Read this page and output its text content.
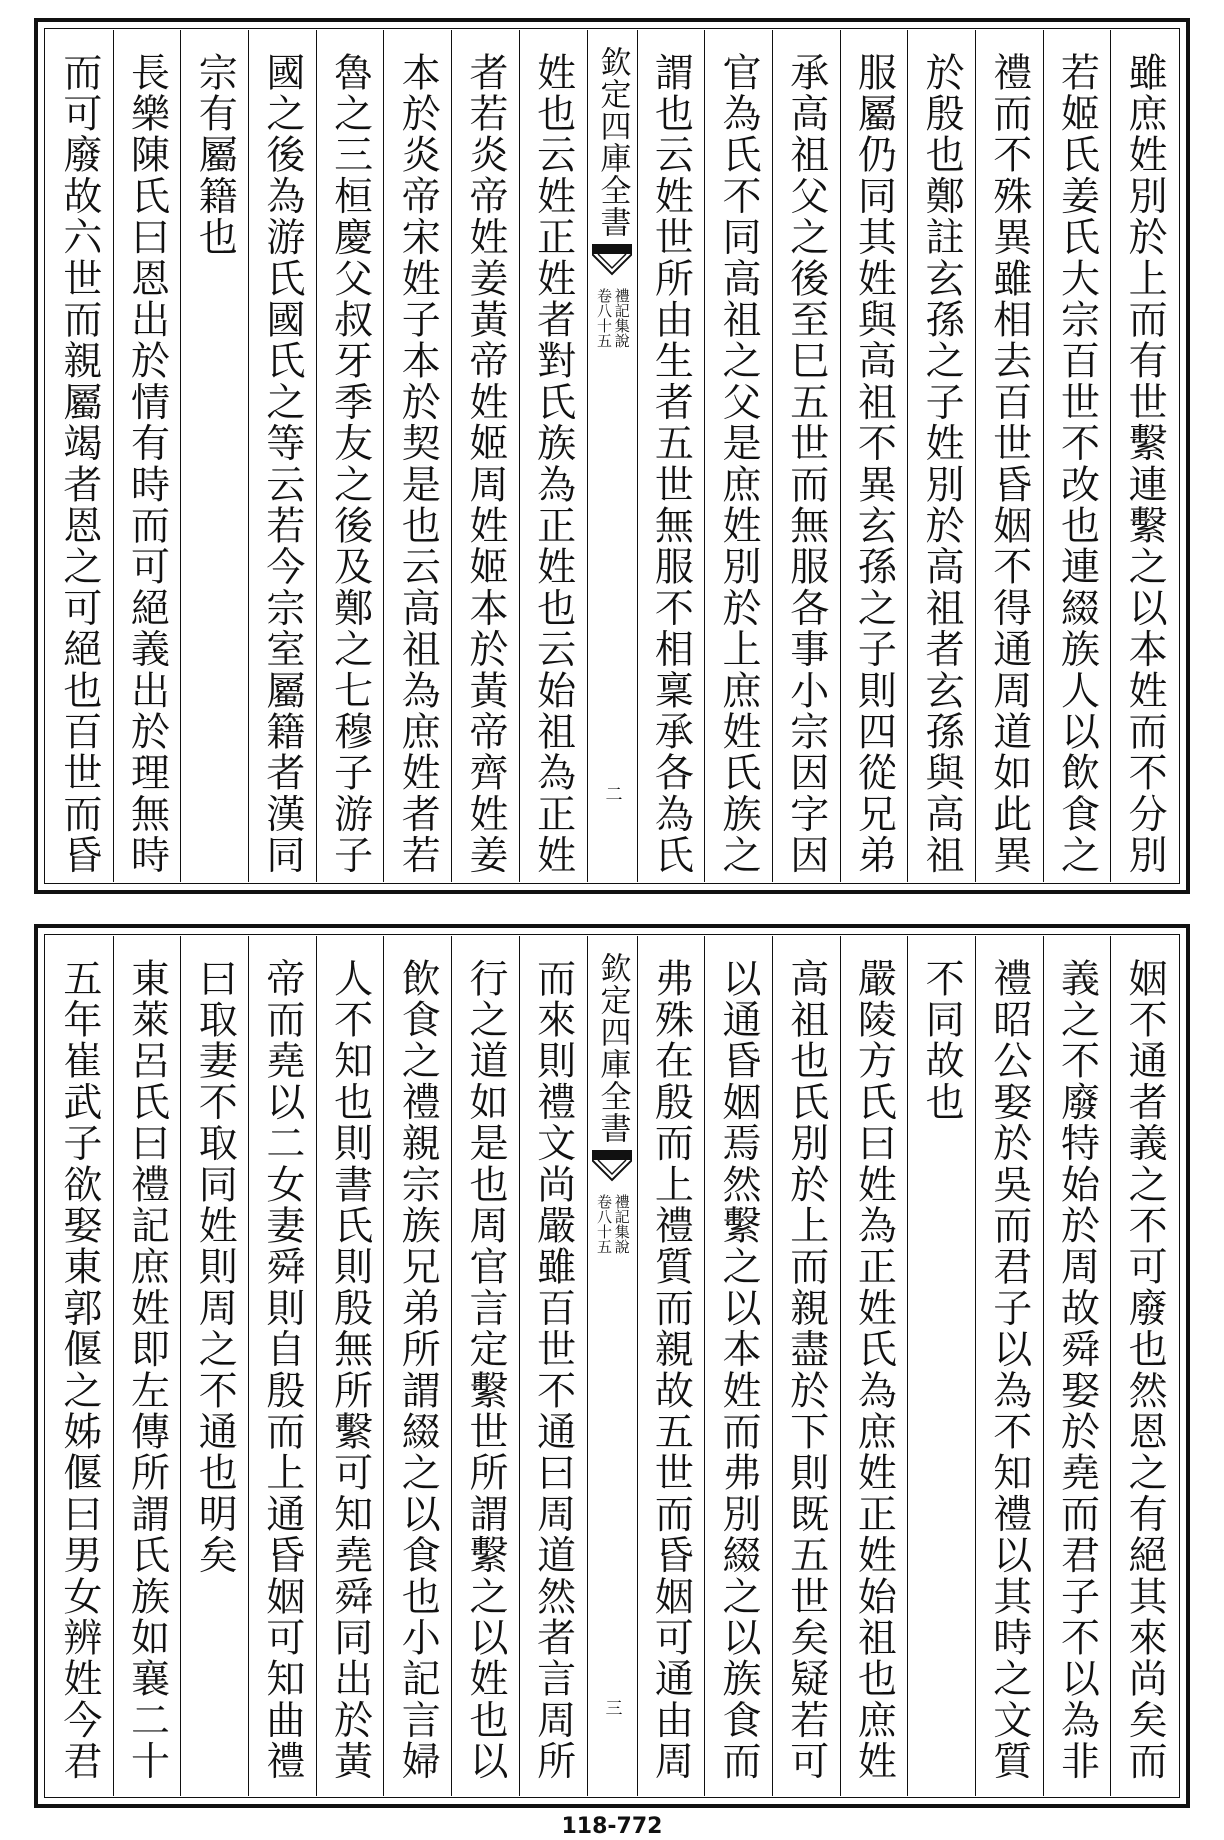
雖庶姓別於上而有世繫連繫之以本姓而不分別
若姬氏姜氏大宗百世不改也連綴族人以飲食之
禮而不殊異雖相去百世昏姻不得通周道如此異
於殷也鄭註玄孫之子姓別於高祖者玄孫與高祖
服屬仍同其姓與高祖不異玄孫之子則四從兄弟
承高祖父之後至巳五世而無服各事小宗因字因
官為氏不同高祖之父是庶姓別於上庶姓氏族之
謂也云姓世所由生者五世無服不相稟承各為氏
欽定四庫全書
禮記集說
卷八十五
二
姓也云姓正姓者對氏族為正姓也云始祖為正姓
者若炎帝姓姜黃帝姓姬周姓姬本於黃帝齊姓姜
本於炎帝宋姓子本於契是也云高祖為庶姓者若
魯之三桓慶父叔牙季友之後及鄭之七穆子游子
國之後為游氏國氏之等云若今宗室屬籍者漢同
宗有屬籍也
長樂陳氏曰恩出於情有時而可絕義出於理無時
而可廢故六世而親屬竭者恩之可絕也百世而昏
姻不通者義之不可廢也然恩之有絕其來尚矣而
義之不廢特始於周故舜娶於堯而君子不以為非
禮昭公娶於吳而君子以為不知禮以其時之文質
不同故也
嚴陵方氏曰姓為正姓氏為庶姓正姓始祖也庶姓
高祖也氏別於上而親盡於下則既五世矣疑若可
以通昏姻焉然繫之以本姓而弗別綴之以族食而
弗殊在殷而上禮質而親故五世而昏姻可通由周
欽定四庫全書
禮記集說
卷八十五
三
而來則禮文尚嚴雖百世不通曰周道然者言周所
行之道如是也周官言定繫世所謂繫之以姓也以
飲食之禮親宗族兄弟所謂綴之以食也小記言婦
人不知也則書氏則殷無所繫可知堯舜同出於黃
帝而堯以二女妻舜則自殷而上通昏姻可知曲禮
曰取妻不取同姓則周之不通也明矣
東萊呂氏曰禮記庶姓即左傳所謂氏族如襄二十
五年崔武子欲娶東郭偃之姊偃曰男女辨姓今君
118-772
